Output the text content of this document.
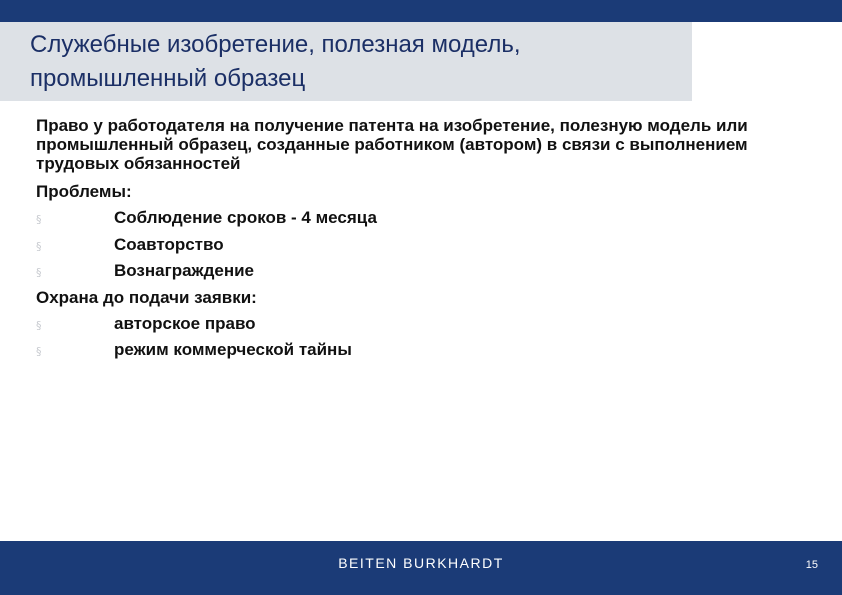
Служебные изобретение, полезная модель, промышленный образец
Право у работодателя на получение патента на изобретение, полезную модель или промышленный образец, созданные работником (автором) в связи с выполнением трудовых обязанностей
Проблемы:
§	Соблюдение сроков - 4 месяца
§	Соавторство
§	Вознаграждение
Охрана до подачи заявки:
§	авторское право
§	режим коммерческой тайны
BEITEN BURKHARDT	15
